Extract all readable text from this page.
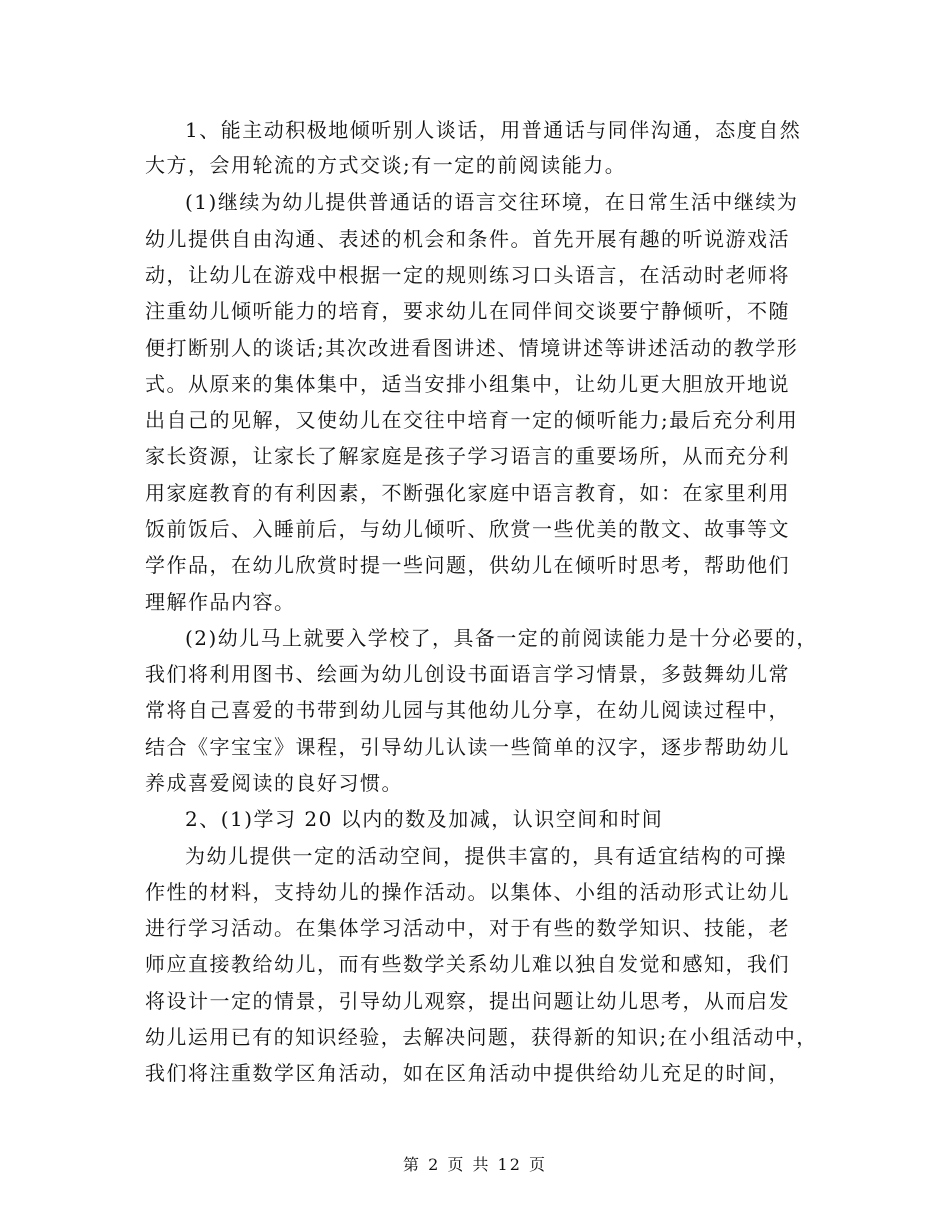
1、能主动积极地倾听别人谈话，用普通话与同伴沟通，态度自然
大方，会用轮流的方式交谈;有一定的前阅读能力。
(1)继续为幼儿提供普通话的语言交往环境，在日常生活中继续为
幼儿提供自由沟通、表述的机会和条件。首先开展有趣的听说游戏活
动，让幼儿在游戏中根据一定的规则练习口头语言，在活动时老师将
注重幼儿倾听能力的培育，要求幼儿在同伴间交谈要宁静倾听，不随
便打断别人的谈话;其次改进看图讲述、情境讲述等讲述活动的教学形
式。从原来的集体集中，适当安排小组集中，让幼儿更大胆放开地说
出自己的见解，又使幼儿在交往中培育一定的倾听能力;最后充分利用
家长资源，让家长了解家庭是孩子学习语言的重要场所，从而充分利
用家庭教育的有利因素，不断强化家庭中语言教育，如：在家里利用
饭前饭后、入睡前后，与幼儿倾听、欣赏一些优美的散文、故事等文
学作品，在幼儿欣赏时提一些问题，供幼儿在倾听时思考，帮助他们
理解作品内容。
(2)幼儿马上就要入学校了，具备一定的前阅读能力是十分必要的，
我们将利用图书、绘画为幼儿创设书面语言学习情景，多鼓舞幼儿常
常将自己喜爱的书带到幼儿园与其他幼儿分享，在幼儿阅读过程中，
结合《字宝宝》课程，引导幼儿认读一些简单的汉字，逐步帮助幼儿
养成喜爱阅读的良好习惯。
2、(1)学习 20 以内的数及加减，认识空间和时间
为幼儿提供一定的活动空间，提供丰富的，具有适宜结构的可操
作性的材料，支持幼儿的操作活动。以集体、小组的活动形式让幼儿
进行学习活动。在集体学习活动中，对于有些的数学知识、技能，老
师应直接教给幼儿，而有些数学关系幼儿难以独自发觉和感知，我们
将设计一定的情景，引导幼儿观察，提出问题让幼儿思考，从而启发
幼儿运用已有的知识经验，去解决问题，获得新的知识;在小组活动中，
我们将注重数学区角活动，如在区角活动中提供给幼儿充足的时间，
第 2 页 共 12 页
